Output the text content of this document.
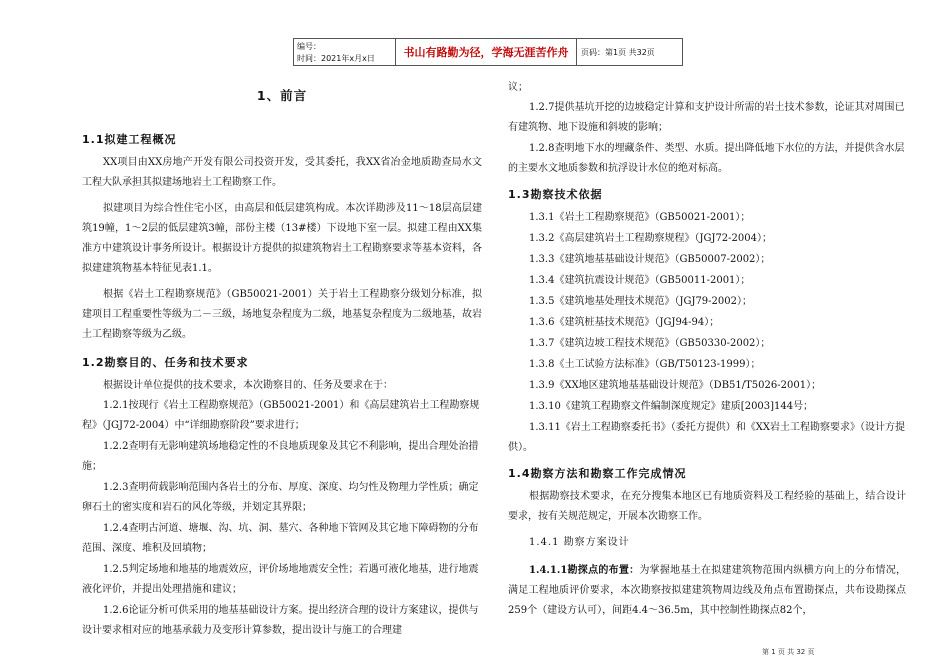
编号：
时间：2021年x月x日	书山有路勤为径，学海无涯苦作舟	页码：第1页 共32页
1、前言
1.1拟建工程概况

XX项目由XX房地产开发有限公司投资开发，受其委托，我XX省冶金地质勘查局水文工程大队承担其拟建场地岩土工程勘察工作。

拟建项目为综合性住宅小区，由高层和低层建筑构成。本次详勘涉及11～18层高层建筑19幢，1～2层的低层建筑3幢，部份主楼（13#楼）下设地下室一层。拟建工程由XX集准方中建筑设计事务所设计。根据设计方提供的拟建筑物岩土工程勘察要求等基本资料，各拟建建筑物基本特征见表1.1。

根据《岩土工程勘察规范》（GB50021-2001）关于岩土工程勘察分级划分标准，拟建项目工程重要性等级为二－三级，场地复杂程度为二级，地基复杂程度为二级地基，故岩土工程勘察等级为乙级。

1.2勘察目的、任务和技术要求

根据设计单位提供的技术要求，本次勘察目的、任务及要求在于：

1.2.1按现行《岩土工程勘察规范》（GB50021-2001）和《高层建筑岩土工程勘察规程》（JGJ72-2004）中“详细勘察阶段”要求进行；
1.2.2查明有无影响建筑场地稳定性的不良地质现象及其它不利影响，提出合理处治措施；
1.2.3查明荷载影响范围内各岩土的分布、厚度、深度、均匀性及物理力学性质；确定卵石土的密实度和岩石的风化等级，并划定其界限；
1.2.4查明古河道、塘堰、沟、坑、洞、墓穴、各种地下管网及其它地下障碍物的分布范围、深度、堆积及回填物；
1.2.5判定场地和地基的地震效应，评价场地地震安全性；若遇可液化地基，进行地震液化评价，并提出处理措施和建议；
1.2.6论证分析可供采用的地基基础设计方案。提出经济合理的设计方案建议，提供与设计要求相对应的地基承载力及变形计算参数，提出设计与施工的合理建
议；
1.2.7提供基坑开挖的边坡稳定计算和支护设计所需的岩土技术参数，论证其对周围已有建筑物、地下设施和斜坡的影响；
1.2.8查明地下水的埋藏条件、类型、水质。提出降低地下水位的方法，并提供含水层的主要水文地质参数和抗浮设计水位的绝对标高。
1.3勘察技术依据
1.3.1《岩土工程勘察规范》（GB50021-2001）；
1.3.2《高层建筑岩土工程勘察规程》（JGJ72-2004）；
1.3.3《建筑地基基础设计规范》（GB50007-2002）；
1.3.4《建筑抗震设计规范》（GB50011-2001）；
1.3.5《建筑地基处理技术规范》（JGJ79-2002）；
1.3.6《建筑桩基技术规范》（JGJ94-94）；
1.3.7《建筑边坡工程技术规范》（GB50330-2002）；
1.3.8《土工试验方法标准》（GB/T50123-1999）；
1.3.9《XX地区建筑地基基础设计规范》（DB51/T5026-2001）；
1.3.10《建筑工程勘察文件编制深度规定》建质[2003]144号；
1.3.11《岩土工程勘察委托书》（委托方提供）和《XX岩土工程勘察要求》（设计方提供）。
1.4勘察方法和勘察工作完成情况

根据勘察技术要求，在充分搜集本地区已有地质资料及工程经验的基础上，结合设计要求，按有关规范规定，开展本次勘察工作。

1.4.1 勘察方案设计

1.4.1.1勘探点的布置：为掌握地基土在拟建建筑物范围内纵横方向上的分布情况，满足工程地质评价要求，本次勘察按拟建建筑物周边线及角点布置勘探点，共布设勘探点259个（建设方认可），间距4.4～36.5m，其中控制性勘探点82个，

第 1 页 共 32 页
